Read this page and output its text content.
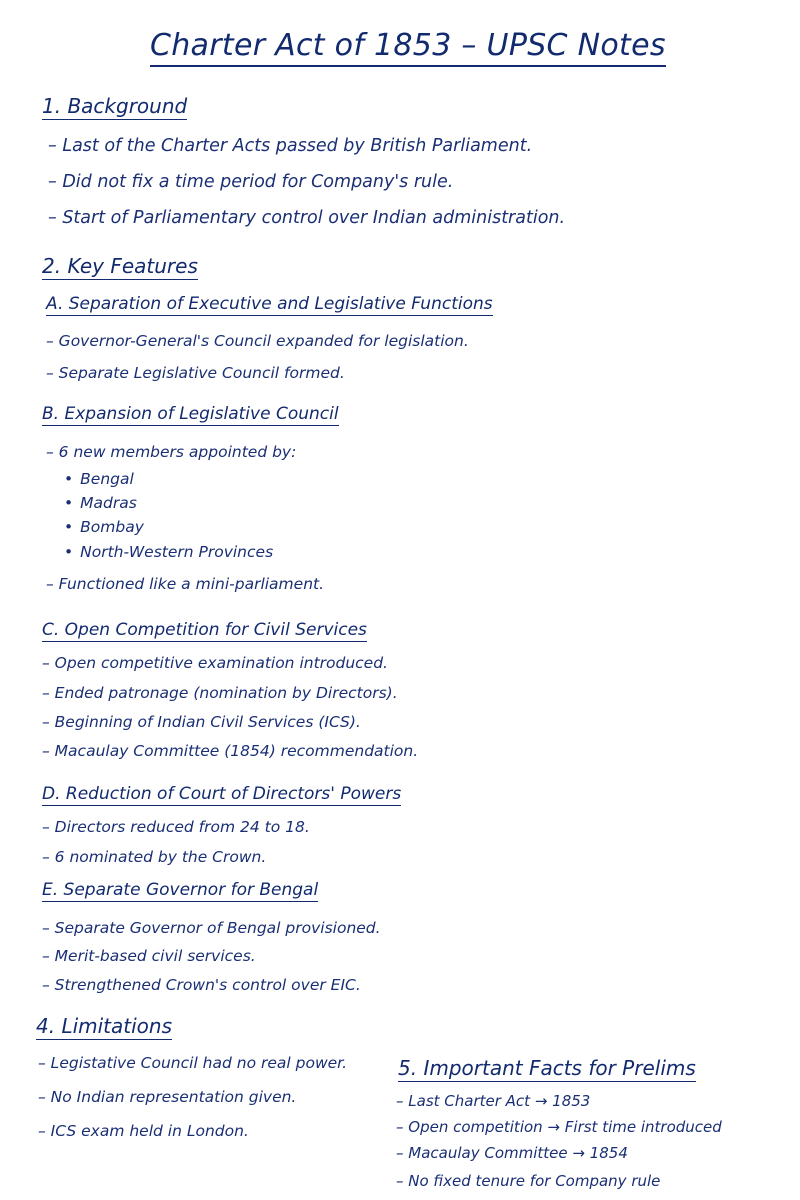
Charter Act of 1853 – UPSC Notes
1. Background
– Last of the Charter Acts passed by British Parliament.
– Did not fix a time period for Company's rule.
– Start of Parliamentary control over Indian administration.
2. Key Features
A. Separation of Executive and Legislative Functions
– Governor-General's Council expanded for legislation.
– Separate Legislative Council formed.
B. Expansion of Legislative Council
– 6 new members appointed by:
• Bengal
• Madras
• Bombay
• North-Western Provinces
– Functioned like a mini-parliament.
C. Open Competition for Civil Services
– Open competitive examination introduced.
– Ended patronage (nomination by Directors).
– Beginning of Indian Civil Services (ICS).
– Macaulay Committee (1854) recommendation.
D. Reduction of Court of Directors' Powers
– Directors reduced from 24 to 18.
– 6 nominated by the Crown.
E. Separate Governor for Bengal
– Separate Governor of Bengal provisioned.
– Merit-based civil services.
– Strengthened Crown's control over EIC.
4. Limitations
– Legistative Council had no real power.
– No Indian representation given.
– ICS exam held in London.
5. Important Facts for Prelims
– Last Charter Act → 1853
– Open competition → First time introduced
– Macaulay Committee → 1854
– No fixed tenure for Company rule
